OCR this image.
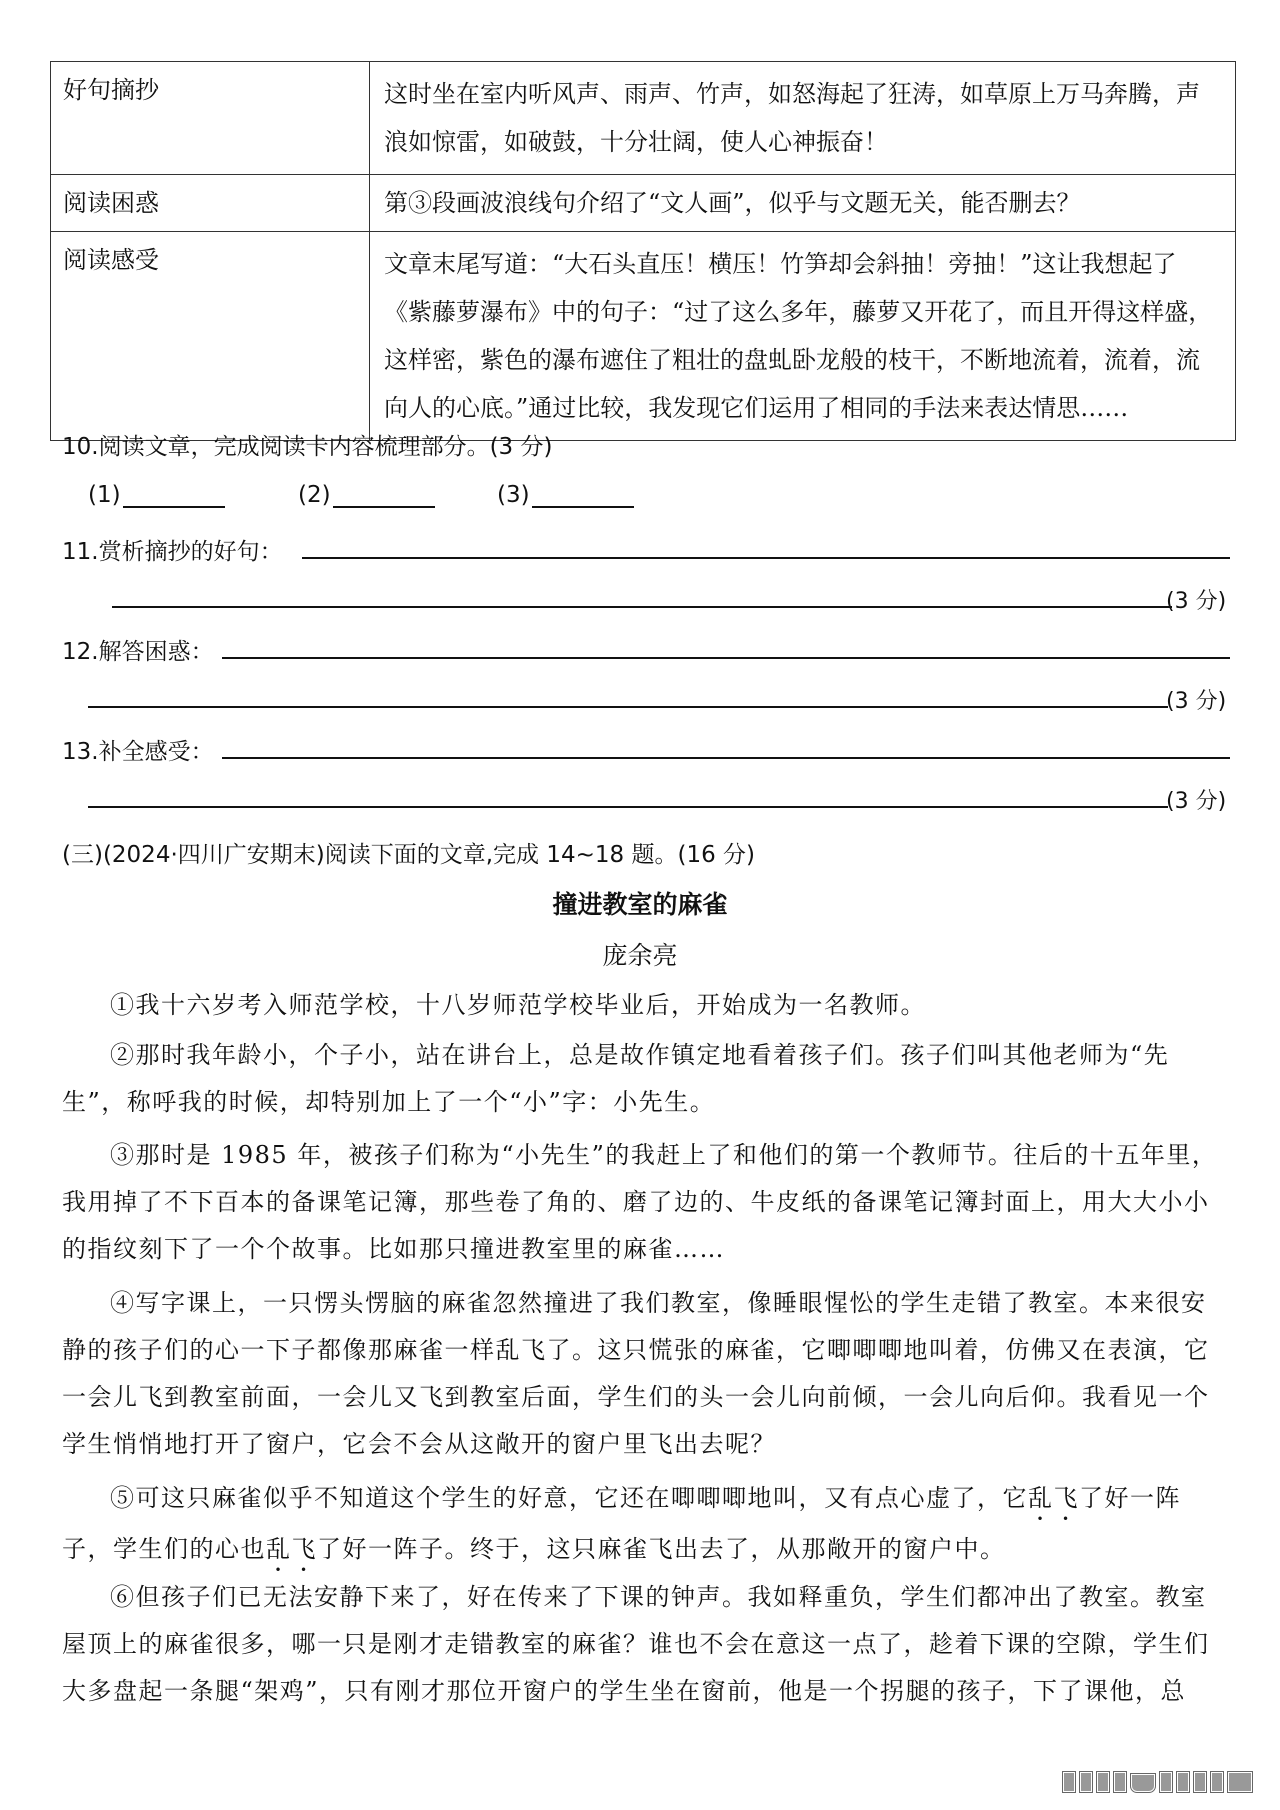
好句摘抄	这时坐在室内听风声、雨声、竹声，如怒海起了狂涛，如草原上万马奔腾，声浪如惊雷，如破鼓，十分壮阔，使人心神振奋！
阅读困惑	第③段画波浪线句介绍了“文人画”，似乎与文题无关，能否删去？
阅读感受	文章末尾写道：“大石头直压！横压！竹笋却会斜抽！旁抽！”这让我想起了《紫藤萝瀑布》中的句子：“过了这么多年，藤萝又开花了，而且开得这样盛，这样密，紫色的瀑布遮住了粗壮的盘虬卧龙般的枝干，不断地流着，流着，流向人的心底。”通过比较，我发现它们运用了相同的手法来表达情思……
10.阅读文章，完成阅读卡内容梳理部分。(3 分)
(1)	(2)	(3)
11.赏析摘抄的好句：
(3 分)
12.解答困惑：
(3 分)
13.补全感受：
(3 分)
(三)(2024·四川广安期末)阅读下面的文章,完成 14~18 题。(16 分)
撞进教室的麻雀
庞余亮
①我十六岁考入师范学校，十八岁师范学校毕业后，开始成为一名教师。
②那时我年龄小，个子小，站在讲台上，总是故作镇定地看着孩子们。孩子们叫其他老师为“先生”，称呼我的时候，却特别加上了一个“小”字：小先生。
③那时是 1985 年，被孩子们称为“小先生”的我赶上了和他们的第一个教师节。往后的十五年里，我用掉了不下百本的备课笔记簿，那些卷了角的、磨了边的、牛皮纸的备课笔记簿封面上，用大大小小的指纹刻下了一个个故事。比如那只撞进教室里的麻雀……
④写字课上，一只愣头愣脑的麻雀忽然撞进了我们教室，像睡眼惺忪的学生走错了教室。本来很安静的孩子们的心一下子都像那麻雀一样乱飞了。这只慌张的麻雀，它唧唧唧地叫着，仿佛又在表演，它一会儿飞到教室前面，一会儿又飞到教室后面，学生们的头一会儿向前倾，一会儿向后仰。我看见一个学生悄悄地打开了窗户，它会不会从这敞开的窗户里飞出去呢？
⑤可这只麻雀似乎不知道这个学生的好意，它还在唧唧唧地叫，又有点心虚了，它乱飞了好一阵子，学生们的心也乱飞了好一阵子。终于，这只麻雀飞出去了，从那敞开的窗户中。
⑥但孩子们已无法安静下来了，好在传来了下课的钟声。我如释重负，学生们都冲出了教室。教室屋顶上的麻雀很多，哪一只是刚才走错教室的麻雀？谁也不会在意这一点了，趁着下课的空隙，学生们大多盘起一条腿“架鸡”，只有刚才那位开窗户的学生坐在窗前，他是一个拐腿的孩子，下了课他，总
